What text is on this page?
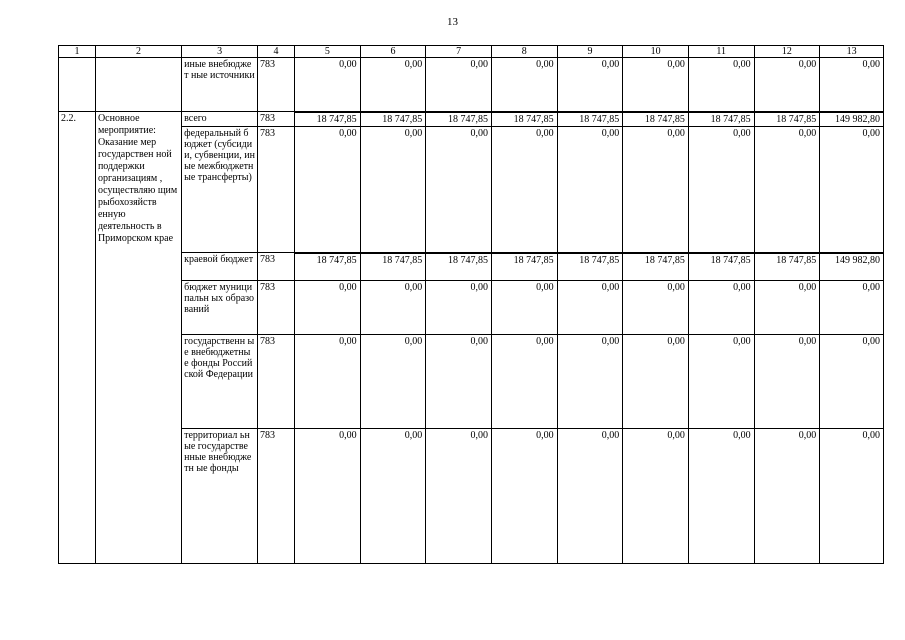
13
1	2	3	4	5	6	7	8	9	10	11	12	13
		иные внебюджет ные источники	783	0,00	0,00	0,00	0,00	0,00	0,00	0,00	0,00	0,00
2.2.	Основное мероприятие: Оказание мер государствен ной поддержки организациям , осуществляю щим рыбохозяйств енную деятельность в Приморском крае	всего	783	18 747,85	18 747,85	18 747,85	18 747,85	18 747,85	18 747,85	18 747,85	18 747,85	149 982,80
		федеральный бюджет (субсидии, субвенции, иные межбюджетн ые трансферты)	783	0,00	0,00	0,00	0,00	0,00	0,00	0,00	0,00	0,00
		краевой бюджет	783	18 747,85	18 747,85	18 747,85	18 747,85	18 747,85	18 747,85	18 747,85	18 747,85	149 982,80
		бюджет муниципальн ых образований	783	0,00	0,00	0,00	0,00	0,00	0,00	0,00	0,00	0,00
		государственн ые внебюджетны е фонды Российской Федерации	783	0,00	0,00	0,00	0,00	0,00	0,00	0,00	0,00	0,00
		территориал ьные государстве нные внебюджетн ые фонды	783	0,00	0,00	0,00	0,00	0,00	0,00	0,00	0,00	0,00
